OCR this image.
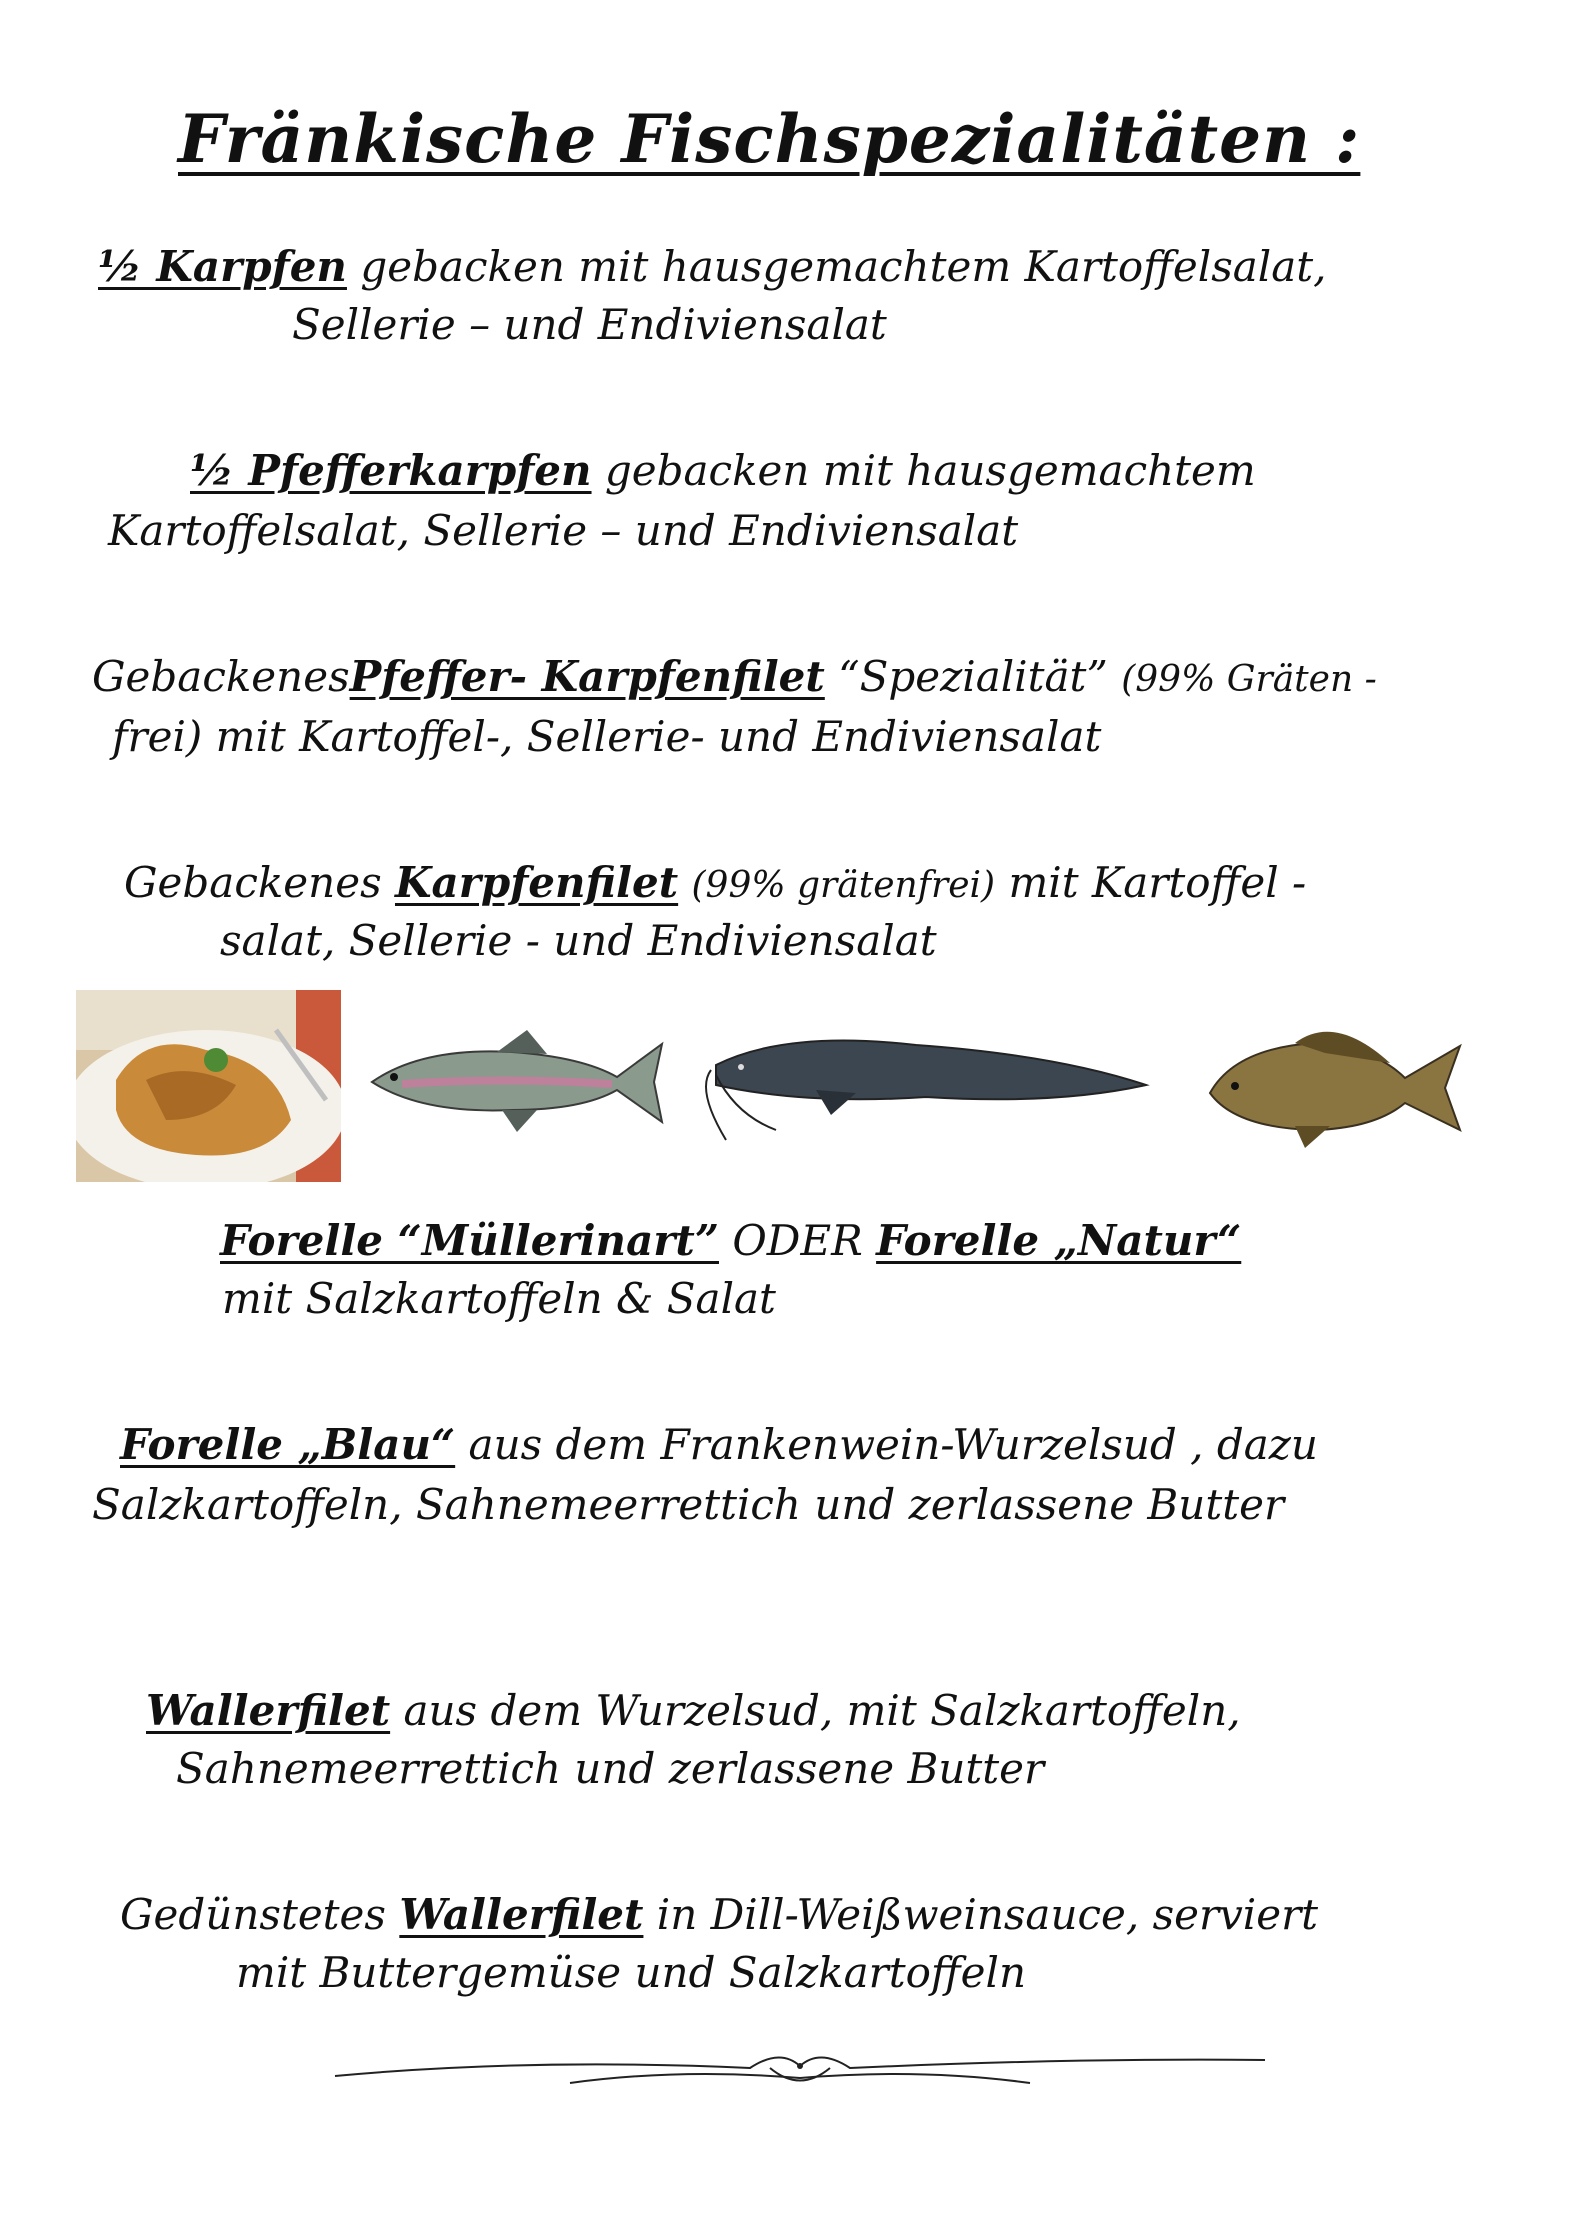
Fränkische Fischspezialitäten :
½ Karpfen gebacken mit hausgemachtem Kartoffelsalat,
Sellerie – und Endiviensalat
½ Pfefferkarpfen gebacken mit hausgemachtem
Kartoffelsalat, Sellerie – und Endiviensalat
GebackenesPfeffer- Karpfenfilet “Spezialität” (99% Gräten -
frei) mit Kartoffel-, Sellerie- und Endiviensalat
Gebackenes Karpfenfilet (99% grätenfrei) mit Kartoffel -
salat, Sellerie - und Endiviensalat
Forelle “Müllerinart” ODER Forelle „Natur“
mit Salzkartoffeln & Salat
Forelle „Blau“ aus dem Frankenwein-Wurzelsud , dazu
Salzkartoffeln, Sahnemeerrettich und zerlassene Butter
Wallerfilet aus dem Wurzelsud, mit Salzkartoffeln,
Sahnemeerrettich und zerlassene Butter
Gedünstetes Wallerfilet in Dill-Weißweinsauce, serviert
mit Buttergemüse und Salzkartoffeln
